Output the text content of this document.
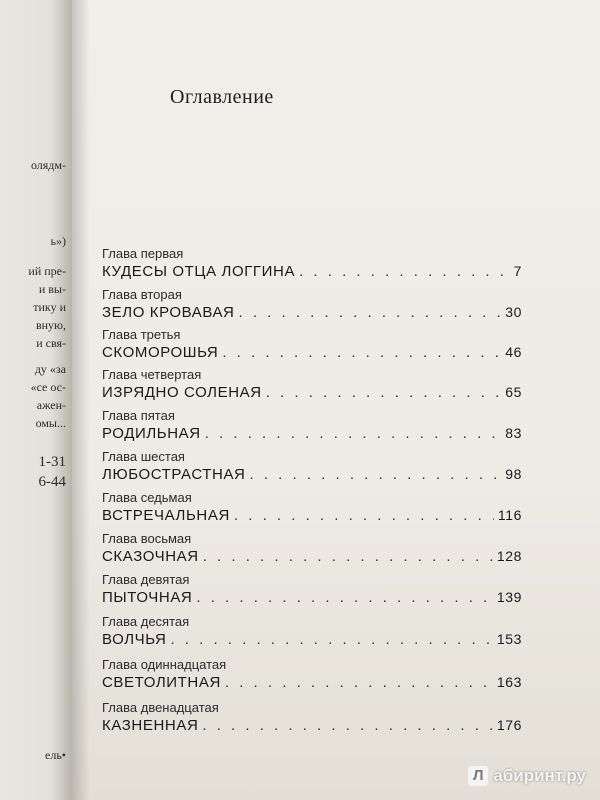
олядм-
ь»)
ий пре-
и вы-
тику и
вную,
и свя-
ду «за
«се ос-
ажен-
омы...
1-31
6-44
ель•
Оглавление
Глава первая
КУДЕСЫ ОТЦА ЛОГГИНА . . .	7
Глава вторая
ЗЕЛО КРОВАВАЯ . . .	30
Глава третья
СКОМОРОШЬЯ . . .	46
Глава четвертая
ИЗРЯДНО СОЛЕНАЯ . . .	65
Глава пятая
РОДИЛЬНАЯ . . .	83
Глава шестая
ЛЮБОСТРАСТНАЯ . . .	98
Глава седьмая
ВСТРЕЧАЛЬНАЯ . . .	116
Глава восьмая
СКАЗОЧНАЯ . . .	128
Глава девятая
ПЫТОЧНАЯ . . .	139
Глава десятая
ВОЛЧЬЯ . . .	153
Глава одиннадцатая
СВЕТОЛИТНАЯ . . .	163
Глава двенадцатая
КАЗНЕННАЯ . . .	176
Л абиринт.ру
